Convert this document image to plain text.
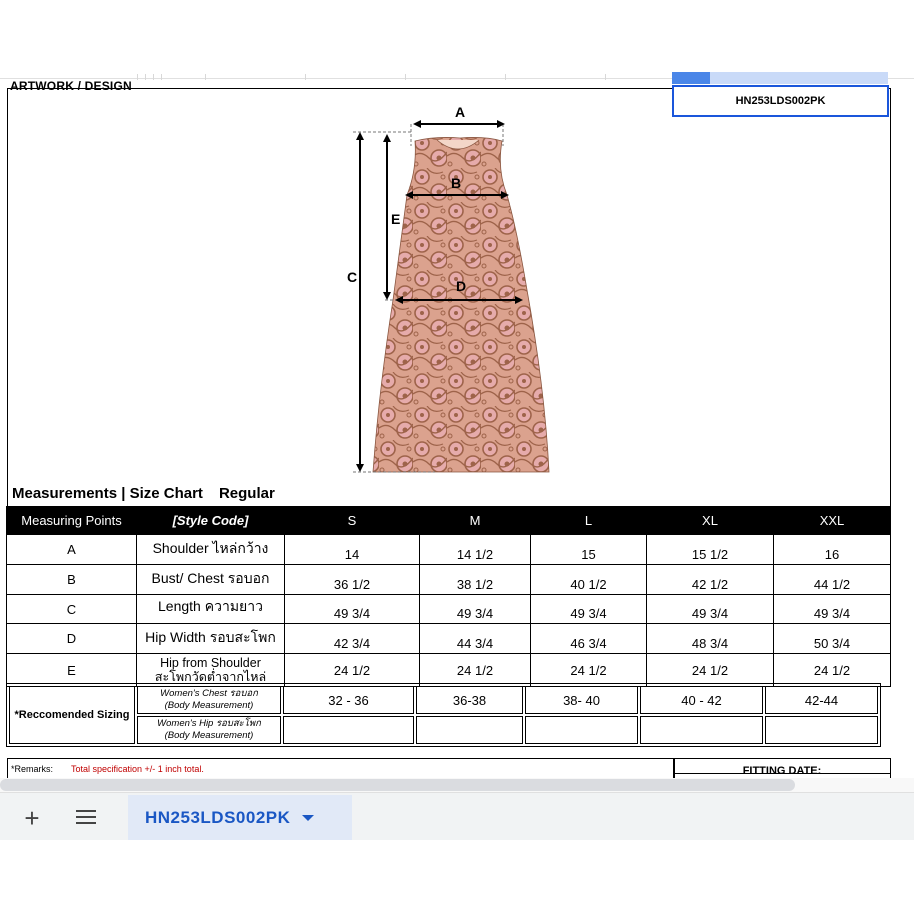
ARTWORK / DESIGN
HN253LDS002PK
A
B
C
D
E
Measurements | Size Chart Regular
Measuring Points	[Style Code]	S	M	L	XL	XXL
A	Shoulder ไหล่กว้าง	14	14 1/2	15	15 1/2	16
B	Bust/ Chest รอบอก	36 1/2	38 1/2	40 1/2	42 1/2	44 1/2
C	Length ความยาว	49 3/4	49 3/4	49 3/4	49 3/4	49 3/4
D	Hip Width รอบสะโพก	42 3/4	44 3/4	46 3/4	48 3/4	50 3/4
E	Hip from Shoulder
สะโพกวัดต่ำจากไหล่	24 1/2	24 1/2	24 1/2	24 1/2	24 1/2
*Reccomended Sizing	Women's Chest รอบอก
(Body Measurement)	32 - 36	36-38	38- 40	40 - 42	42-44
	Women's Hip รอบสะโพก
(Body Measurement)					

*Remarks: Total specification +/- 1 inch total.	FITTING DATE:
+	HN253LDS002PK
